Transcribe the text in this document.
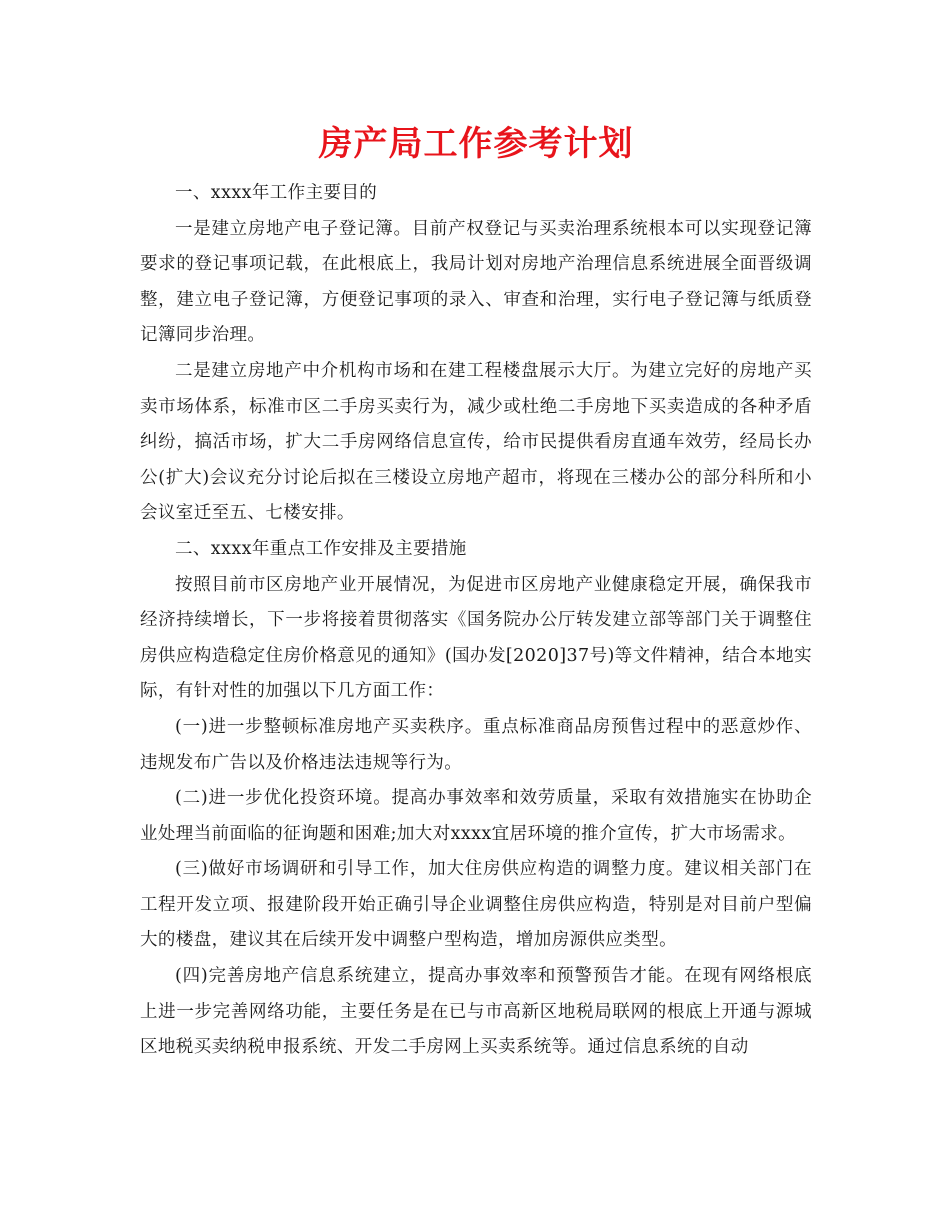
房产局工作参考计划

一、xxxx年工作主要目的

一是建立房地产电子登记簿。目前产权登记与买卖治理系统根本可以实现登记簿要求的登记事项记载，在此根底上，我局计划对房地产治理信息系统进展全面晋级调整，建立电子登记簿，方便登记事项的录入、审查和治理，实行电子登记簿与纸质登记簿同步治理。

二是建立房地产中介机构市场和在建工程楼盘展示大厅。为建立完好的房地产买卖市场体系，标准市区二手房买卖行为，减少或杜绝二手房地下买卖造成的各种矛盾纠纷，搞活市场，扩大二手房网络信息宣传，给市民提供看房直通车效劳，经局长办公(扩大)会议充分讨论后拟在三楼设立房地产超市，将现在三楼办公的部分科所和小会议室迁至五、七楼安排。

二、xxxx年重点工作安排及主要措施

按照目前市区房地产业开展情况，为促进市区房地产业健康稳定开展，确保我市经济持续增长，下一步将接着贯彻落实《国务院办公厅转发建立部等部门关于调整住房供应构造稳定住房价格意见的通知》(国办发[2020]37号)等文件精神，结合本地实际，有针对性的加强以下几方面工作：

(一)进一步整顿标准房地产买卖秩序。重点标准商品房预售过程中的恶意炒作、违规发布广告以及价格违法违规等行为。

(二)进一步优化投资环境。提高办事效率和效劳质量，采取有效措施实在协助企业处理当前面临的征询题和困难;加大对xxxx宜居环境的推介宣传，扩大市场需求。

(三)做好市场调研和引导工作，加大住房供应构造的调整力度。建议相关部门在工程开发立项、报建阶段开始正确引导企业调整住房供应构造，特别是对目前户型偏大的楼盘，建议其在后续开发中调整户型构造，增加房源供应类型。

(四)完善房地产信息系统建立，提高办事效率和预警预告才能。在现有网络根底上进一步完善网络功能，主要任务是在已与市高新区地税局联网的根底上开通与源城区地税买卖纳税申报系统、开发二手房网上买卖系统等。通过信息系统的自动
